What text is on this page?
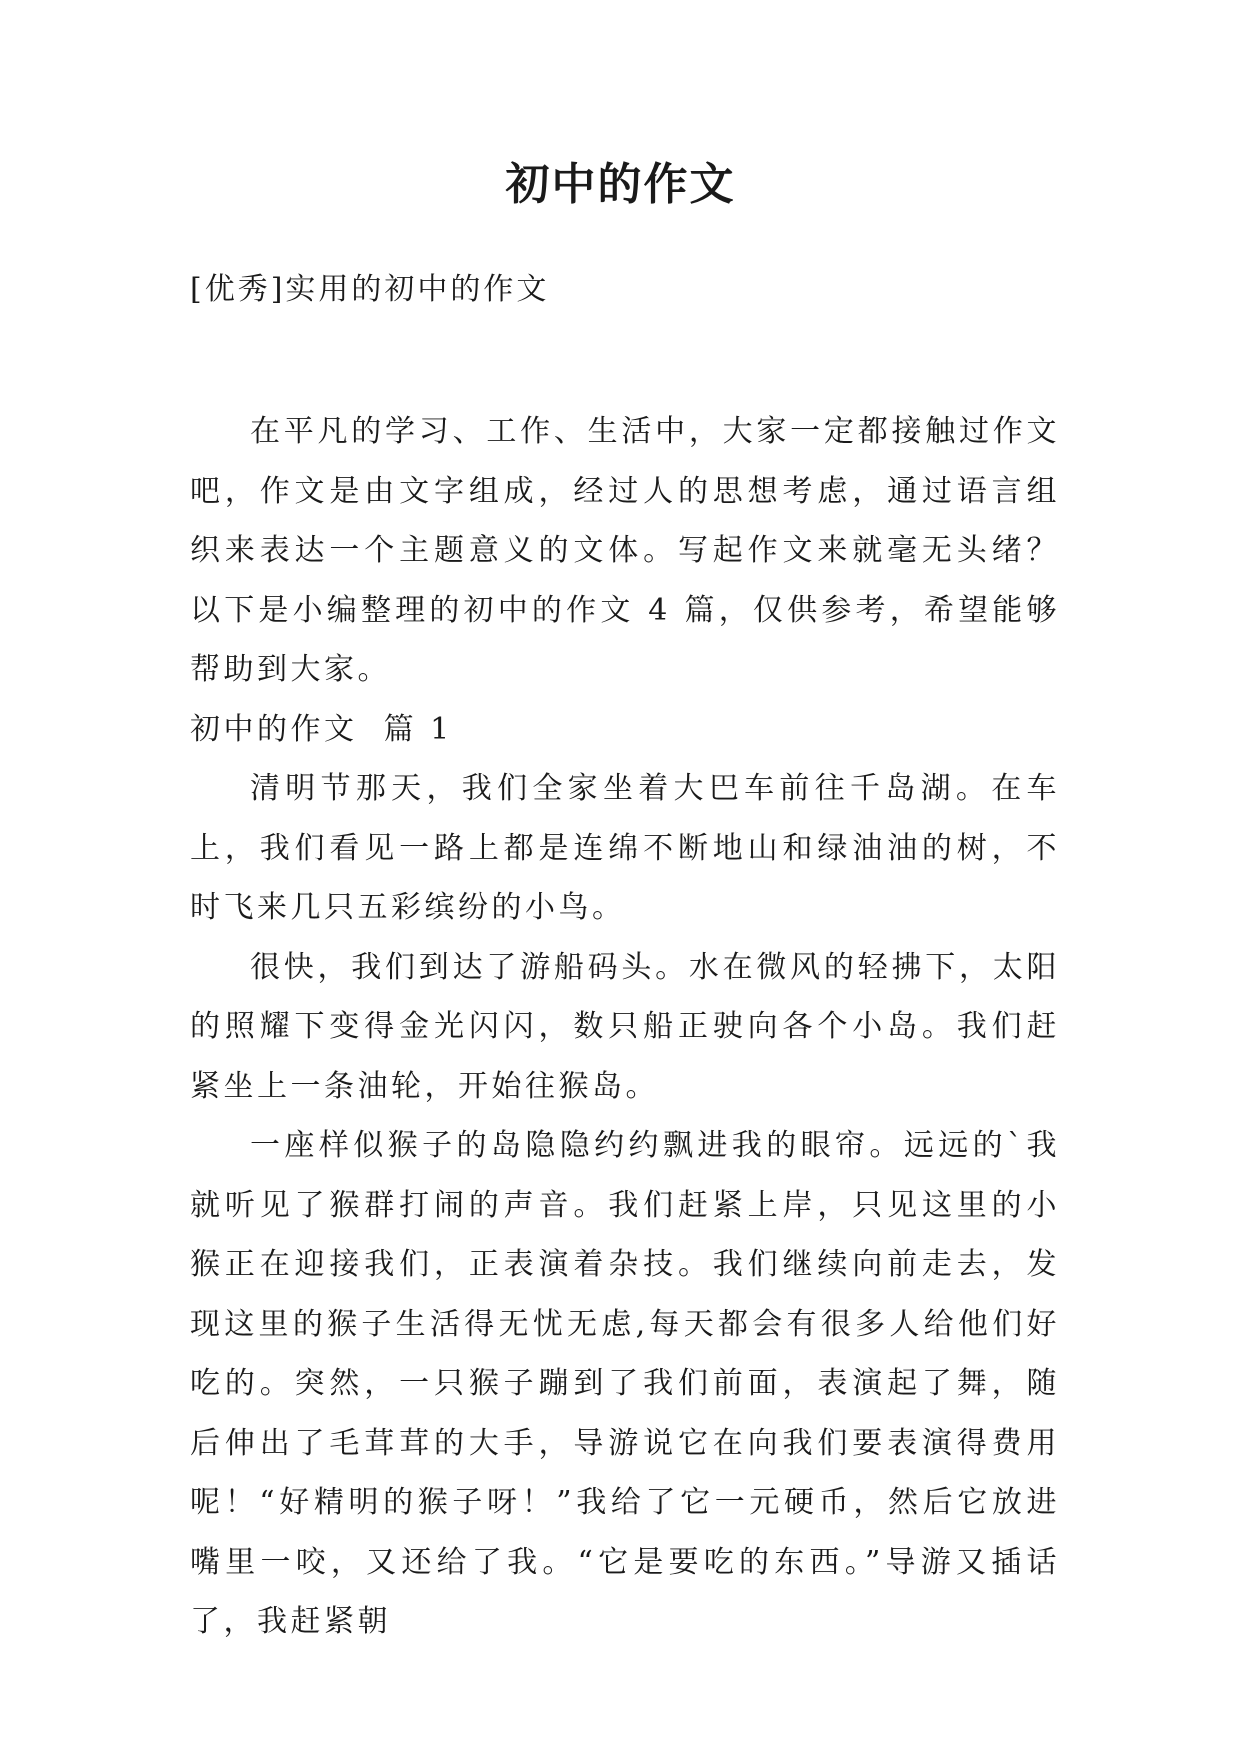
初中的作文
[优秀]实用的初中的作文

在平凡的学习、工作、生活中，大家一定都接触过作文吧，作文是由文字组成，经过人的思想考虑，通过语言组织来表达一个主题意义的文体。写起作文来就毫无头绪？以下是小编整理的初中的作文 4 篇，仅供参考，希望能够帮助到大家。

初中的作文  篇 1

清明节那天，我们全家坐着大巴车前往千岛湖。在车上，我们看见一路上都是连绵不断地山和绿油油的树，不时飞来几只五彩缤纷的小鸟。

很快，我们到达了游船码头。水在微风的轻拂下，太阳的照耀下变得金光闪闪，数只船正驶向各个小岛。我们赶紧坐上一条油轮，开始往猴岛。

一座样似猴子的岛隐隐约约飘进我的眼帘。远远的`我就听见了猴群打闹的声音。我们赶紧上岸，只见这里的小猴正在迎接我们，正表演着杂技。我们继续向前走去，发现这里的猴子生活得无忧无虑,每天都会有很多人给他们好吃的。突然，一只猴子蹦到了我们前面，表演起了舞，随后伸出了毛茸茸的大手，导游说它在向我们要表演得费用呢！“好精明的猴子呀！”我给了它一元硬币，然后它放进嘴里一咬，又还给了我。“它是要吃的东西。”导游又插话了，我赶紧朝
